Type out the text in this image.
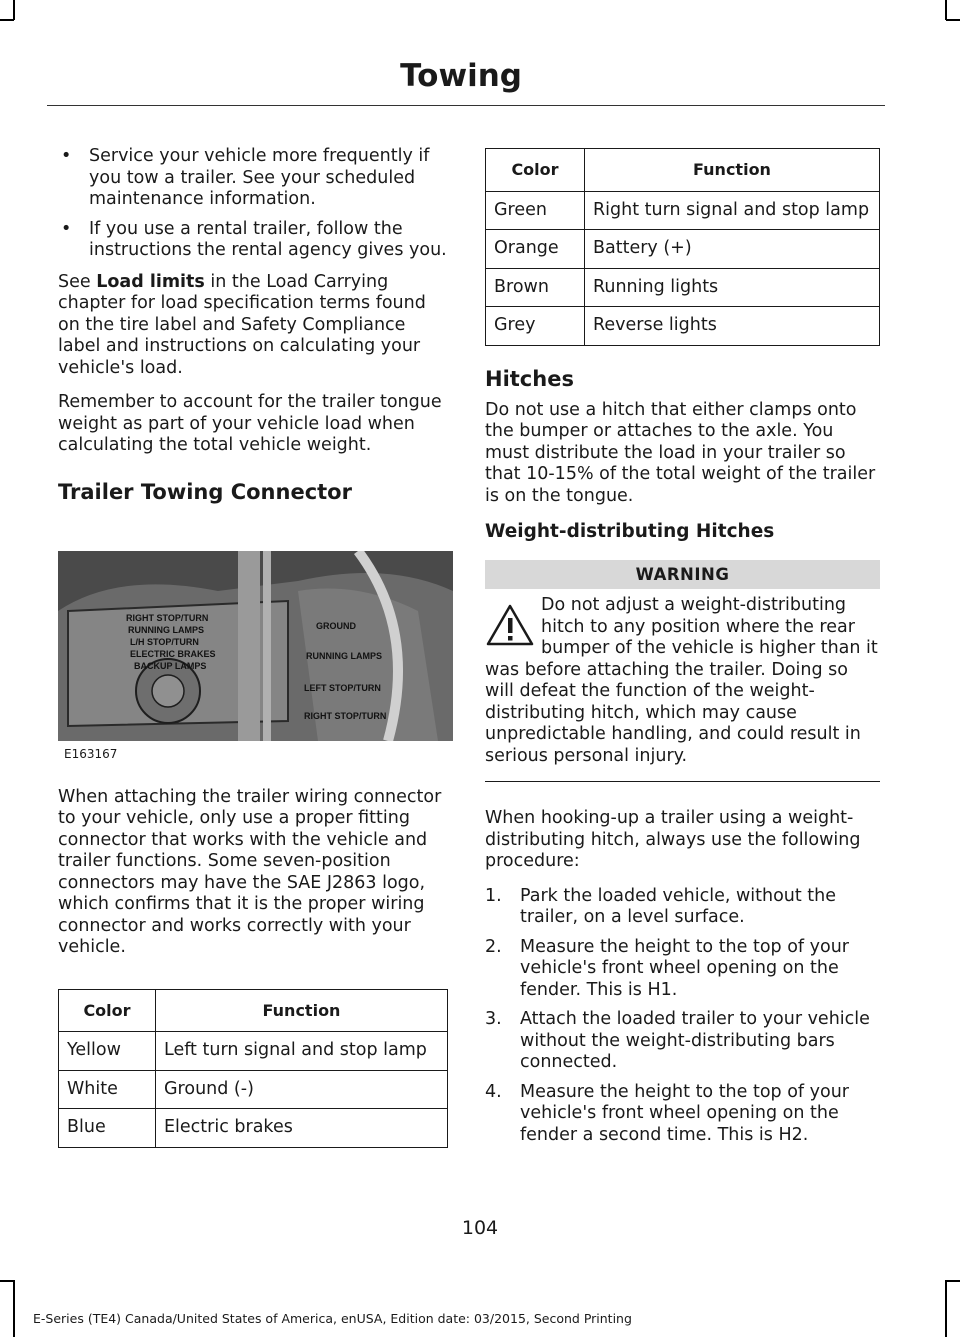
Towing
• Service your vehicle more frequently if you tow a trailer. See your scheduled maintenance information.
• If you use a rental trailer, follow the instructions the rental agency gives you.

See Load limits in the Load Carrying chapter for load specification terms found on the tire label and Safety Compliance label and instructions on calculating your vehicle's load.

Remember to account for the trailer tongue weight as part of your vehicle load when calculating the total vehicle weight.

Trailer Towing Connector
RIGHT STOP/TURN
RUNNING LAMPS
L/H STOP/TURN
ELECTRIC BRAKES
BACKUP LAMPS
GROUND
RUNNING LAMPS
LEFT STOP/TURN
RIGHT STOP/TURN
E163167

When attaching the trailer wiring connector to your vehicle, only use a proper fitting connector that works with the vehicle and trailer functions. Some seven-position connectors may have the SAE J2863 logo, which confirms that it is the proper wiring connector and works correctly with your vehicle.

Color	Function
Yellow	Left turn signal and stop lamp
White	Ground (-)
Blue	Electric brakes
Color	Function
Green	Right turn signal and stop lamp
Orange	Battery (+)
Brown	Running lights
Grey	Reverse lights
Hitches

Do not use a hitch that either clamps onto the bumper or attaches to the axle. You must distribute the load in your trailer so that 10-15% of the total weight of the trailer is on the tongue.

Weight-distributing Hitches
WARNING
Do not adjust a weight-distributing hitch to any position where the rear bumper of the vehicle is higher than it was before attaching the trailer. Doing so will defeat the function of the weight-distributing hitch, which may cause unpredictable handling, and could result in serious personal injury.

When hooking-up a trailer using a weight-distributing hitch, always use the following procedure:

1. Park the loaded vehicle, without the trailer, on a level surface.
2. Measure the height to the top of your vehicle's front wheel opening on the fender. This is H1.
3. Attach the loaded trailer to your vehicle without the weight-distributing bars connected.
4. Measure the height to the top of your vehicle's front wheel opening on the fender a second time. This is H2.
104
E-Series (TE4) Canada/United States of America, enUSA, Edition date: 03/2015, Second Printing
